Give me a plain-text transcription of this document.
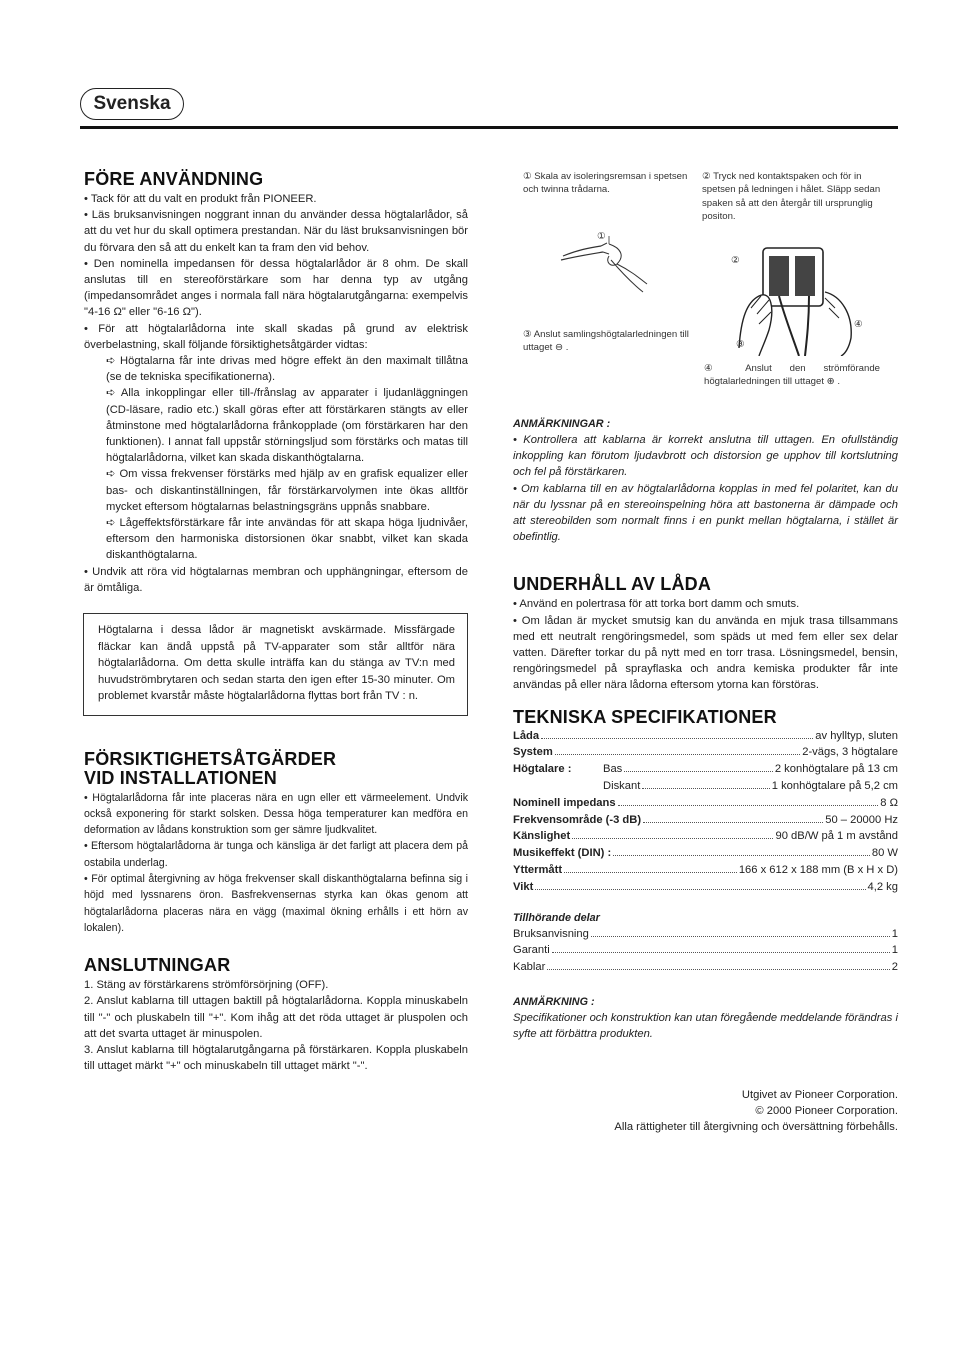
Svenska
FÖRE ANVÄNDNING

• Tack för att du valt en produkt från PIONEER.

• Läs bruksanvisningen noggrant innan du använder dessa högtalarlådor, så att du vet hur du skall optimera prestandan. När du läst bruksanvisningen bör du förvara den så att du enkelt kan ta fram den vid behov.

• Den nominella impedansen för dessa högtalarlådor är 8 ohm. De skall anslutas till en stereoförstärkare som har denna typ av utgång (impedansområdet anges i normala fall nära högtalarutgångarna: exempelvis "4-16 Ω" eller "6-16 Ω").

• För att högtalarlådorna inte skall skadas på grund av elektrisk överbelastning, skall följande försiktighetsåtgärder vidtas:

➪ Högtalarna får inte drivas med högre effekt än den maximalt tillåtna (se de tekniska specifikationerna).

➪ Alla inkopplingar eller till-/frånslag av apparater i ljudanläggningen (CD-läsare, radio etc.) skall göras efter att förstärkaren stängts av eller åtminstone med högtalarlådorna frånkopplade (om förstärkaren har den funktionen). I annat fall uppstår störningsljud som förstärks och matas till högtalarlådorna, vilket kan skada diskanthögtalarna.

➪ Om vissa frekvenser förstärks med hjälp av en grafisk equalizer eller bas- och diskantinställningen, får förstärkarvolymen inte ökas alltför mycket eftersom högtalarnas belastningsgräns uppnås snabbare.

➪ Lågeffektsförstärkare får inte användas för att skapa höga ljudnivåer, eftersom den harmoniska distorsionen ökar snabbt, vilket kan skada diskanthögtalarna.

• Undvik att röra vid högtalarnas membran och upphängningar, eftersom de är ömtåliga.

Högtalarna i dessa lådor är magnetiskt avskärmade. Missfärgade fläckar kan ändå uppstå på TV-apparater som står alltför nära högtalarlådorna. Om detta skulle inträffa kan du stänga av TV:n med huvudströmbrytaren och sedan starta den igen efter 15-30 minuter. Om problemet kvarstår måste högtalarlådorna flyttas bort från TV : n.

FÖRSIKTIGHETSÅTGÄRDER
VID INSTALLATIONEN

• Högtalarlådorna får inte placeras nära en ugn eller ett värmeelement. Undvik också exponering för starkt solsken. Dessa höga temperaturer kan medföra en deformation av lådans konstruktion som ger sämre ljudkvalitet.

• Eftersom högtalarlådorna är tunga och känsliga är det farligt att placera dem på ostabila underlag.

• För optimal återgivning av höga frekvenser skall diskanthögtalarna befinna sig i höjd med lyssnarens öron. Basfrekvensernas styrka kan ökas genom att högtalarlådorna placeras nära en vägg (maximal ökning erhålls i ett hörn av lokalen).

ANSLUTNINGAR

1. Stäng av förstärkarens strömförsörjning (OFF).

2. Anslut kablarna till uttagen baktill på högtalarlådorna. Koppla minuskabeln till "-" och pluskabeln till "+". Kom ihåg att det röda uttaget är pluspolen och att det svarta uttaget är minuspolen.

3. Anslut kablarna till högtalarutgångarna på förstärkaren. Koppla pluskabeln till uttaget märkt "+" och minuskabeln till uttaget märkt "-".

① Skala av isoleringsremsan i spetsen och twinna trådarna.
② Tryck ned kontaktspaken och för in spetsen på ledningen i hålet. Släpp sedan spaken så att den återgår till ursprunglig positon.
①
②
③
④
③ Anslut samlingshögtalarledningen till uttaget ⊖ .
④ Anslut den strömförande högtalarledningen till uttaget ⊕ .
ANMÄRKNINGAR :

• Kontrollera att kablarna är korrekt anslutna till uttagen. En ofullständig inkoppling kan förutom ljudavbrott och distorsion ge upphov till kortslutning och fel på förstärkaren.

• Om kablarna till en av högtalarlådorna kopplas in med fel polaritet, kan du när du lyssnar på en stereoinspelning höra att bastonerna är dämpade och att stereobilden som normalt finns i en punkt mellan högtalarna, i stället är obefintlig.

UNDERHÅLL AV LÅDA

• Använd en polertrasa för att torka bort damm och smuts.

• Om lådan är mycket smutsig kan du använda en mjuk trasa tillsammans med ett neutralt rengöringsmedel, som späds ut med fem eller sex delar vatten. Därefter torkar du på nytt med en torr trasa. Lösningsmedel, bensin, rengöringsmedel på sprayflaska och andra kemiska produkter får inte användas på eller nära lådorna eftersom ytorna kan förstöras.

TEKNISKA SPECIFIKATIONER
Låda	av hylltyp, sluten
System	2-vägs, 3 högtalare
Högtalare :	Bas	2 konhögtalare på 13 cm
Diskant	1 konhögtalare på 5,2 cm
Nominell impedans	8 Ω
Frekvensområde (-3 dB)	50 – 20000 Hz
Känslighet	90 dB/W på 1 m avstånd
Musikeffekt (DIN) :	80 W
Yttermått	166 x 612 x 188 mm (B x H x D)
Vikt	4,2 kg
Tillhörande delar
Bruksanvisning	1
Garanti	1
Kablar	2
ANMÄRKNING :

Specifikationer och konstruktion kan utan föregående meddelande förändras i syfte att förbättra produkten.

Utgivet av Pioneer Corporation.
© 2000 Pioneer Corporation.
Alla rättigheter till återgivning och översättning förbehålls.
